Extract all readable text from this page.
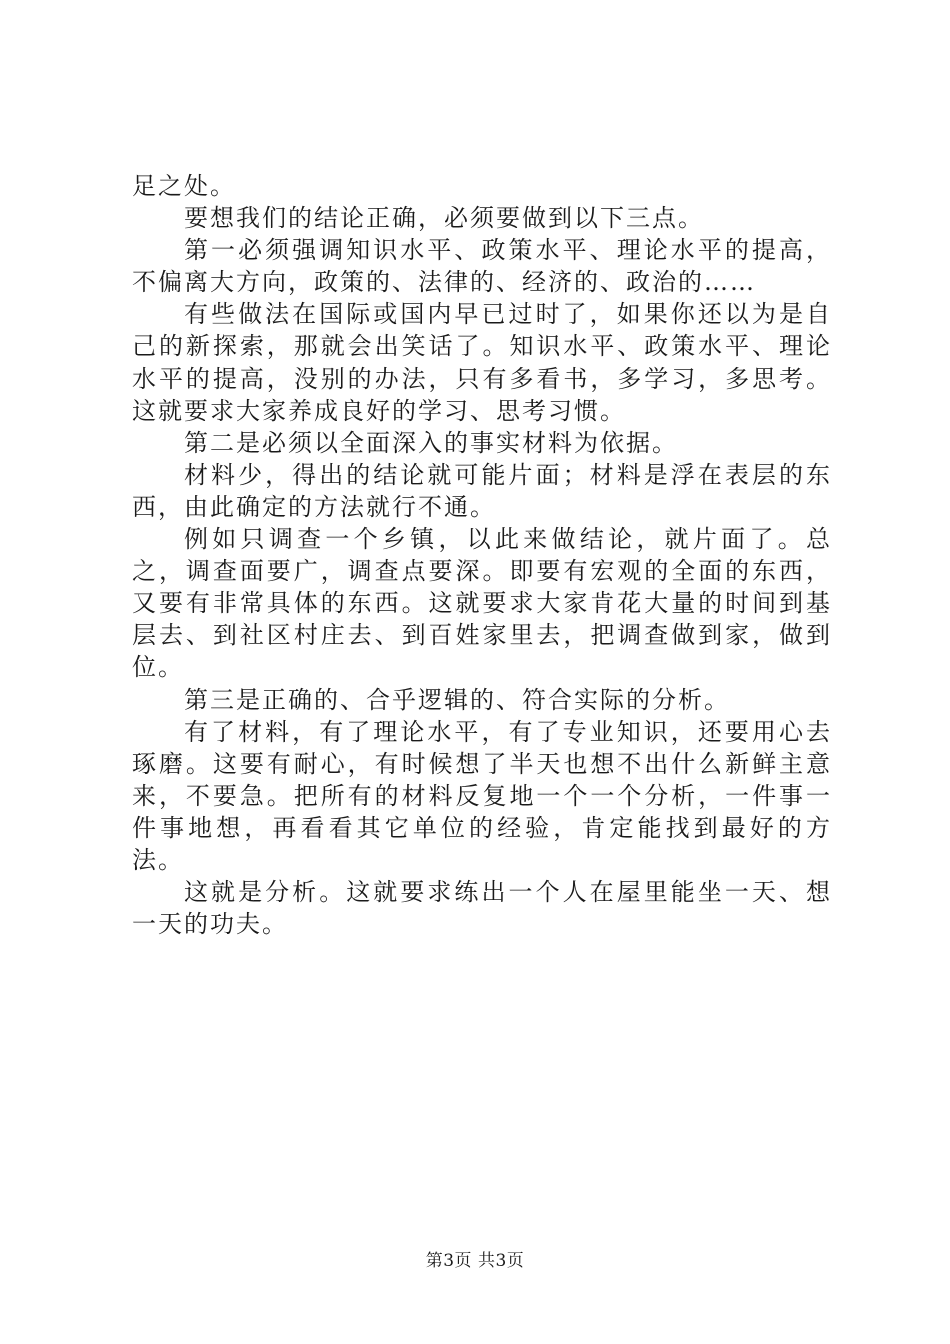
足之处。

要想我们的结论正确，必须要做到以下三点。

第一必须强调知识水平、政策水平、理论水平的提高，不偏离大方向，政策的、法律的、经济的、政治的……

有些做法在国际或国内早已过时了，如果你还以为是自己的新探索，那就会出笑话了。知识水平、政策水平、理论水平的提高，没别的办法，只有多看书，多学习，多思考。这就要求大家养成良好的学习、思考习惯。

第二是必须以全面深入的事实材料为依据。

材料少，得出的结论就可能片面；材料是浮在表层的东西，由此确定的方法就行不通。

例如只调查一个乡镇，以此来做结论，就片面了。总之，调查面要广，调查点要深。即要有宏观的全面的东西，又要有非常具体的东西。这就要求大家肯花大量的时间到基层去、到社区村庄去、到百姓家里去，把调查做到家，做到位。

第三是正确的、合乎逻辑的、符合实际的分析。

有了材料，有了理论水平，有了专业知识，还要用心去琢磨。这要有耐心，有时候想了半天也想不出什么新鲜主意来，不要急。把所有的材料反复地一个一个分析，一件事一件事地想，再看看其它单位的经验，肯定能找到最好的方法。

这就是分析。这就要求练出一个人在屋里能坐一天、想一天的功夫。

第3页 共3页
